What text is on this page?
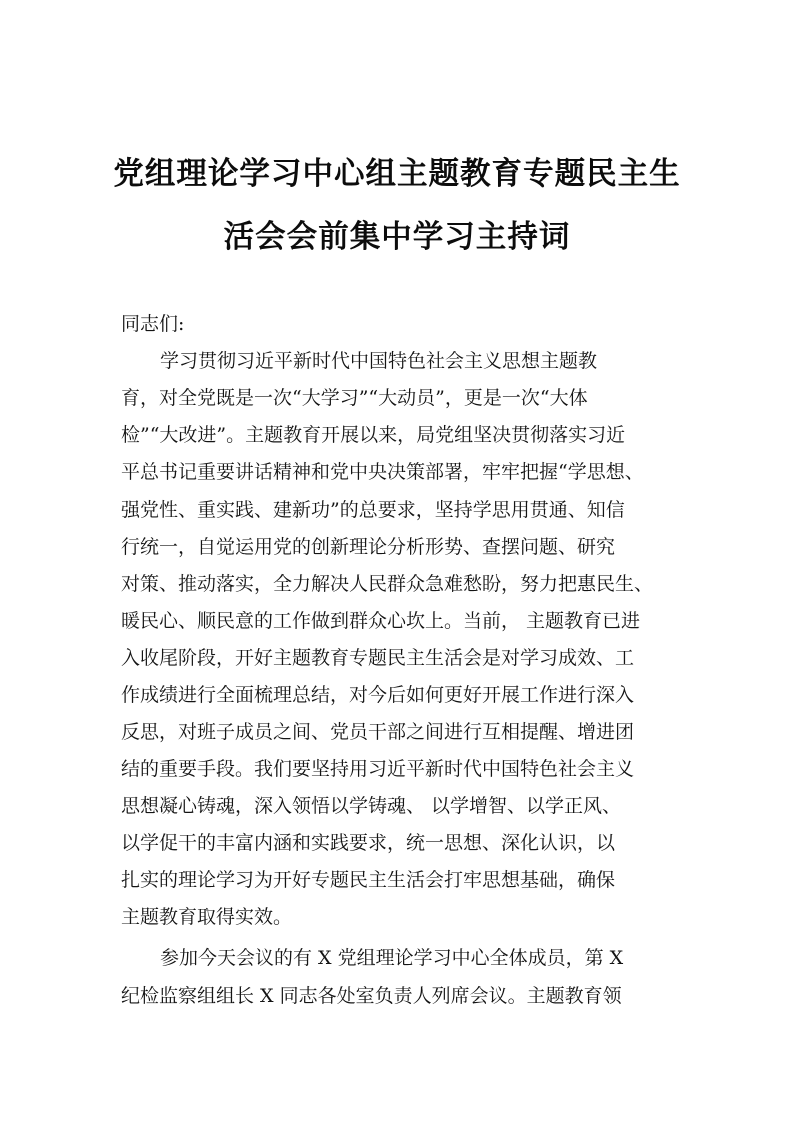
党组理论学习中心组主题教育专题民主生
活会会前集中学习主持词

同志们:

学习贯彻习近平新时代中国特色社会主义思想主题教

育，对全党既是一次“大学习”“大动员”，更是一次“大体

检”“大改进”。主题教育开展以来，局党组坚决贯彻落实习近

平总书记重要讲话精神和党中央决策部署，牢牢把握“学思想、

强党性、重实践、建新功”的总要求，坚持学思用贯通、知信

行统一，自觉运用党的创新理论分析形势、查摆问题、研究

对策、推动落实，全力解决人民群众急难愁盼，努力把惠民生、

暖民心、顺民意的工作做到群众心坎上。当前， 主题教育已进

入收尾阶段，开好主题教育专题民主生活会是对学习成效、工

作成绩进行全面梳理总结，对今后如何更好开展工作进行深入

反思，对班子成员之间、党员干部之间进行互相提醒、增进团

结的重要手段。我们要坚持用习近平新时代中国特色社会主义

思想凝心铸魂，深入领悟以学铸魂、 以学增智、以学正风、

以学促干的丰富内涵和实践要求，统一思想、深化认识，以

扎实的理论学习为开好专题民主生活会打牢思想基础，确保

主题教育取得实效。

参加今天会议的有 X 党组理论学习中心全体成员，第 X

纪检监察组组长 X 同志各处室负责人列席会议。主题教育领
